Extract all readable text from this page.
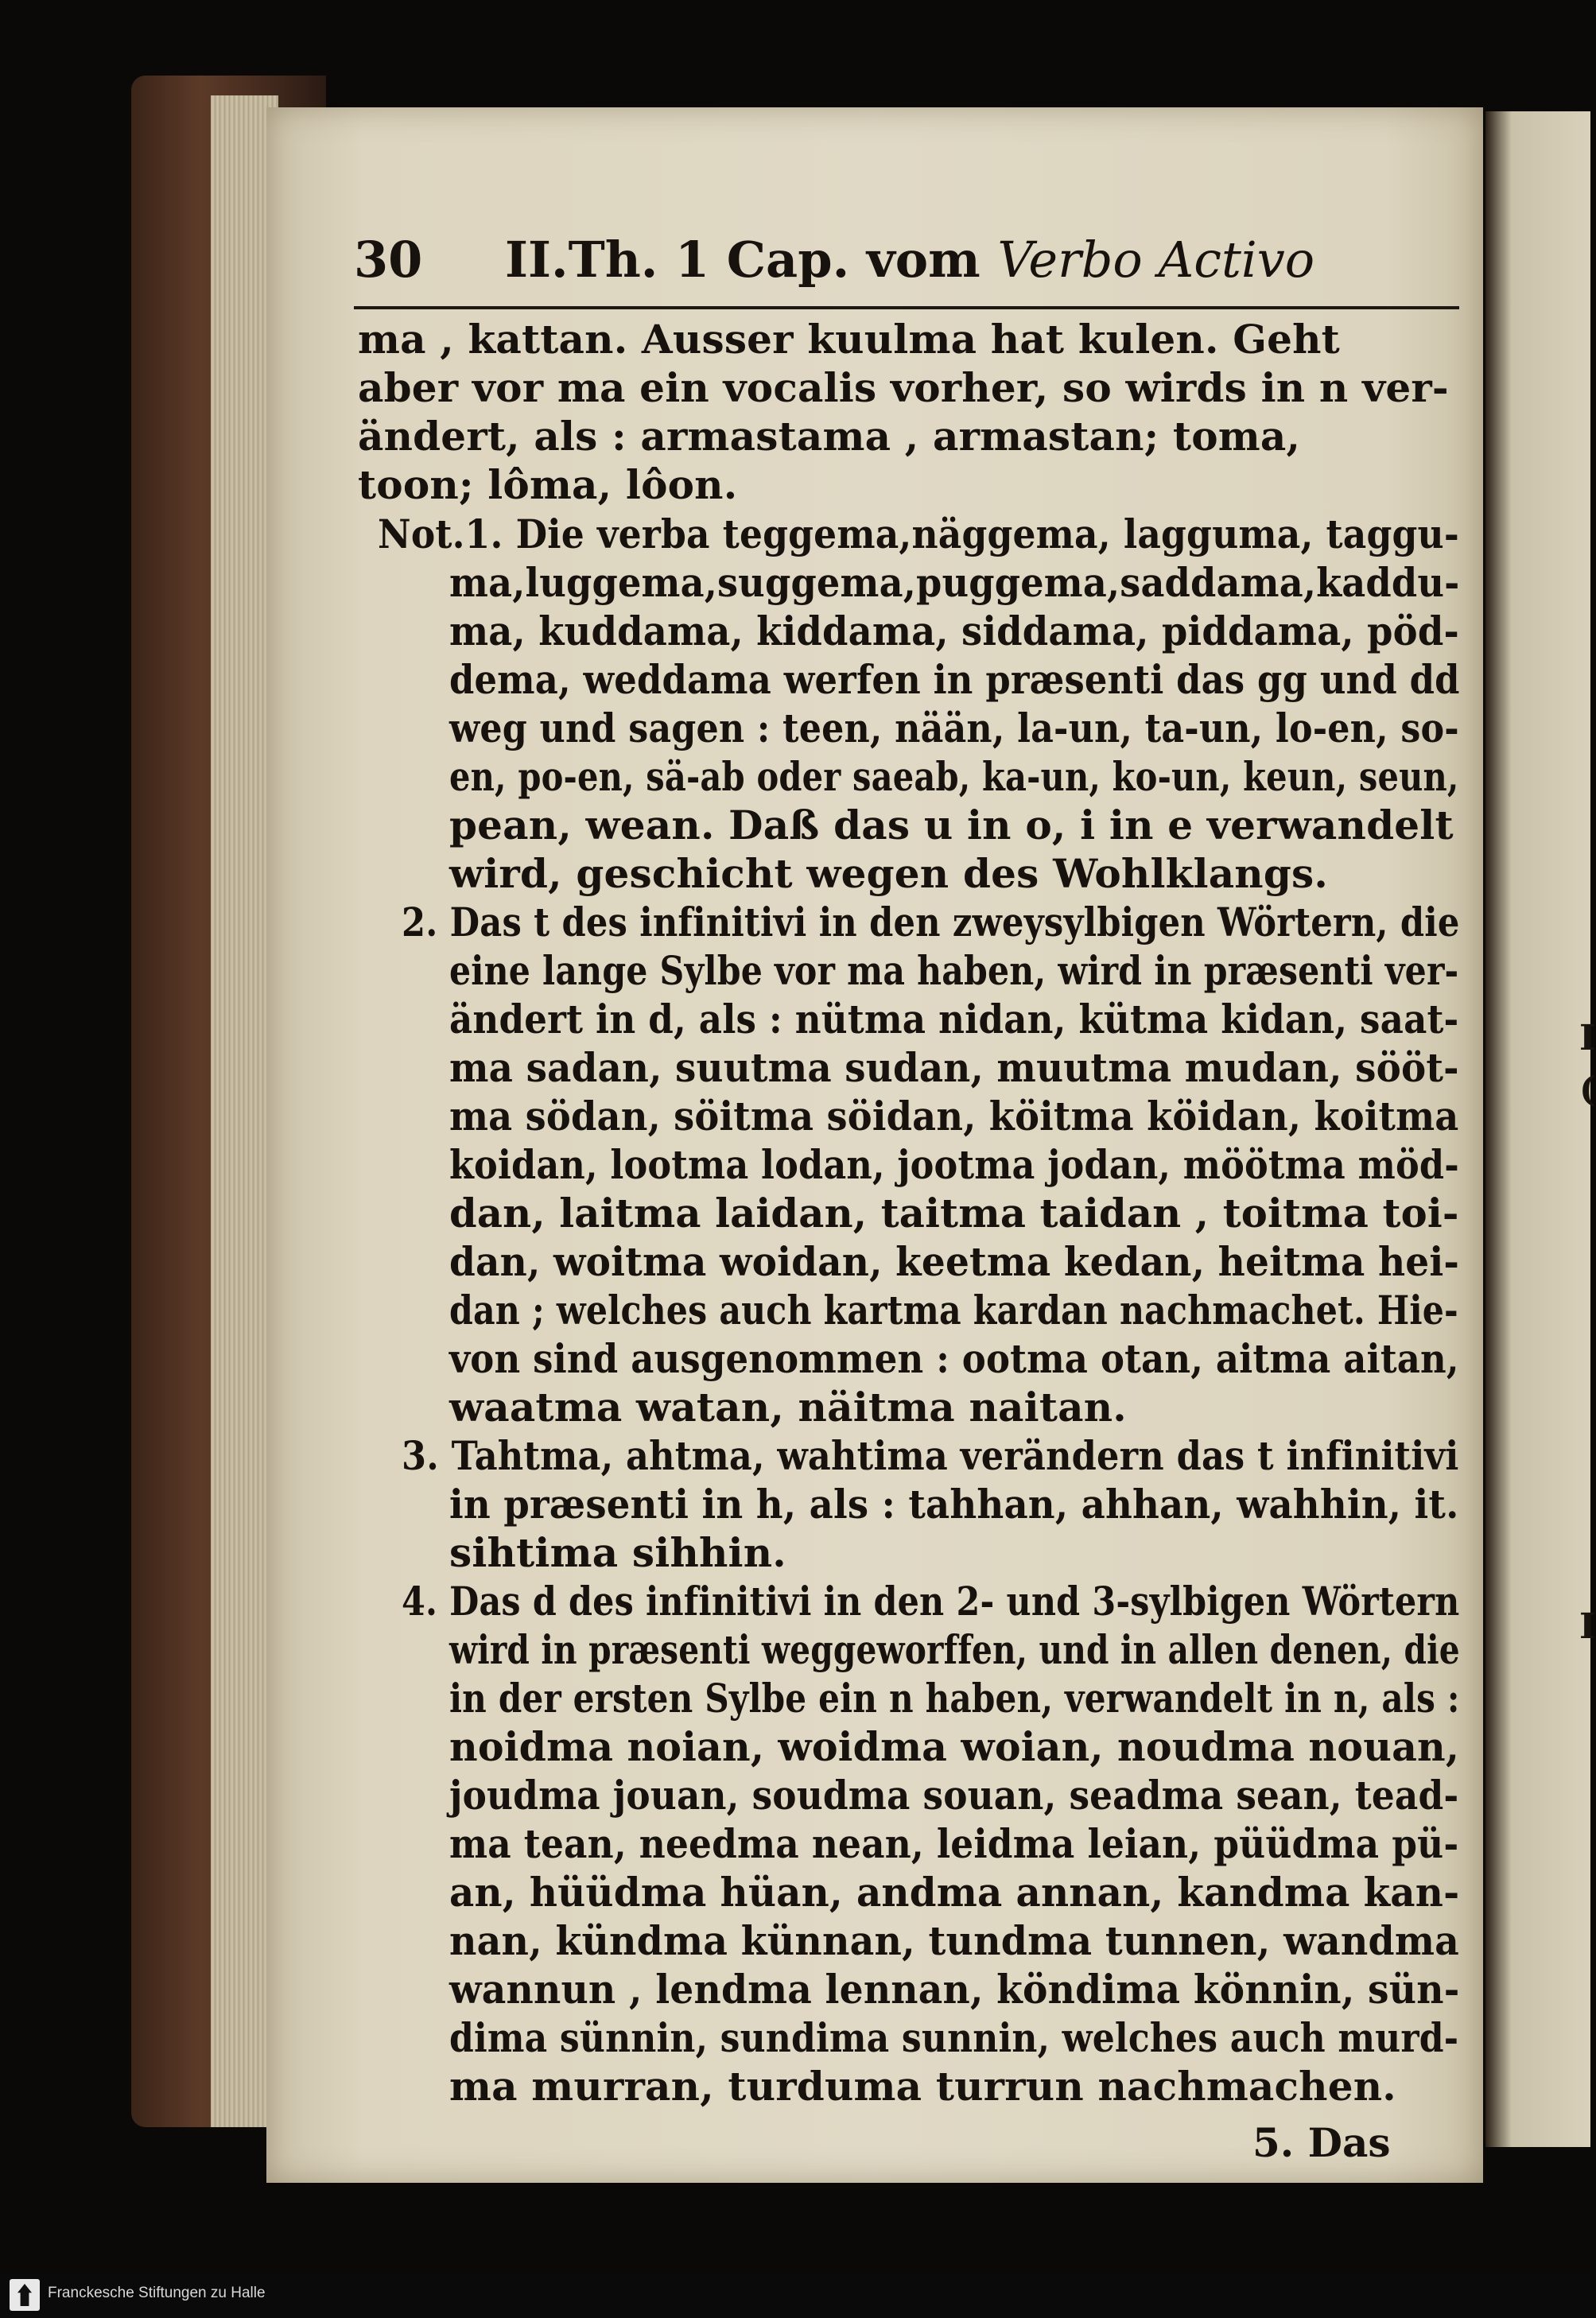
I
(
I
30 II.Th. 1 Cap. vom Verbo Activo
ma , kattan. Ausser kuulma hat kulen. Geht
aber vor ma ein vocalis vorher, so wirds in n ver-
ändert, als : armastama , armastan; toma,
toon; lôma, lôon.
Not.1. Die verba teggema,näggema, lagguma, taggu-
ma,luggema,suggema,puggema,saddama,kaddu-
ma, kuddama, kiddama, siddama, piddama, pöd-
dema, weddama werfen in præsenti das gg und dd
weg und sagen : teen, nään, la-un, ta-un, lo-en, so-
en, po-en, sä-ab oder saeab, ka-un, ko-un, keun, seun,
pean, wean. Daß das u in o, i in e verwandelt
wird, geschicht wegen des Wohlklangs.
2. Das t des infinitivi in den zweysylbigen Wörtern, die
eine lange Sylbe vor ma haben, wird in præsenti ver-
ändert in d, als : nütma nidan, kütma kidan, saat-
ma sadan, suutma sudan, muutma mudan, sööt-
ma södan, söitma söidan, köitma köidan, koitma
koidan, lootma lodan, jootma jodan, möötma möd-
dan, laitma laidan, taitma taidan , toitma toi-
dan, woitma woidan, keetma kedan, heitma hei-
dan ; welches auch kartma kardan nachmachet. Hie-
von sind ausgenommen : ootma otan, aitma aitan,
waatma watan, näitma naitan.
3. Tahtma, ahtma, wahtima verändern das t infinitivi
in præsenti in h, als : tahhan, ahhan, wahhin, it.
sihtima sihhin.
4. Das d des infinitivi in den 2- und 3-sylbigen Wörtern
wird in præsenti weggeworffen, und in allen denen, die
in der ersten Sylbe ein n haben, verwandelt in n, als :
noidma noian, woidma woian, noudma nouan,
joudma jouan, soudma souan, seadma sean, tead-
ma tean, needma nean, leidma leian, püüdma pü-
an, hüüdma hüan, andma annan, kandma kan-
nan, kündma künnan, tundma tunnen, wandma
wannun , lendma lennan, köndima könnin, sün-
dima sünnin, sundima sunnin, welches auch murd-
ma murran, turduma turrun nachmachen.
5. Das
Franckesche Stiftungen zu Halle
